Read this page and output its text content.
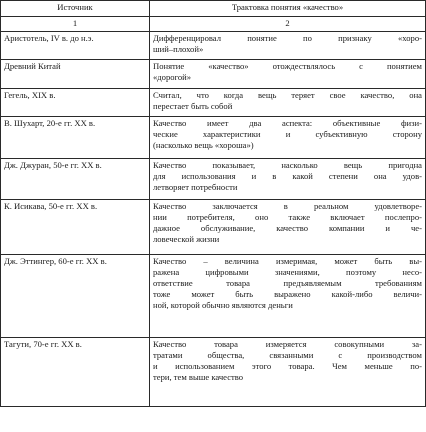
Источник	Трактовка понятия «качество»
1	2
Аристотель, IV в. до н.э.	Дифференцировал понятие по признаку «хоро-
ший–плохой»

Древний Китай	Понятие «качество» отождествлялось с понятием
«дорогой»

Гегель, XIX в.	Считал, что когда вещь теряет свое качество, она
перестает быть собой

В. Шухарт, 20-е гг. XX в.	Качество имеет два аспекта: объективные физи-
ческие характеристики и субъективную сторону
(насколько вещь «хороша»)

Дж. Джуран, 50-е гг. XX в.	Качество показывает, насколько вещь пригодна
для использования и в какой степени она удов-
летворяет потребности

К. Исикава, 50-е гг. XX в.	Качество заключается в реальном удовлетворе-
нии потребителя, оно также включает послепро-
дажное обслуживание, качество компании и че-
ловеческой жизни

Дж. Эттингер, 60-е гг. XX в.	Качество – величина измеримая, может быть вы-
ражена цифровыми значениями, поэтому несо-
ответствие товара предъявляемым требованиям
тоже может быть выражено какой-либо величи-
ной, которой обычно являются деньги

Тагути, 70-е гг. XX в.	Качество товара измеряется совокупными за-
тратами общества, связанными с производством
и использованием этого товара. Чем меньше по-
тери, тем выше качество
